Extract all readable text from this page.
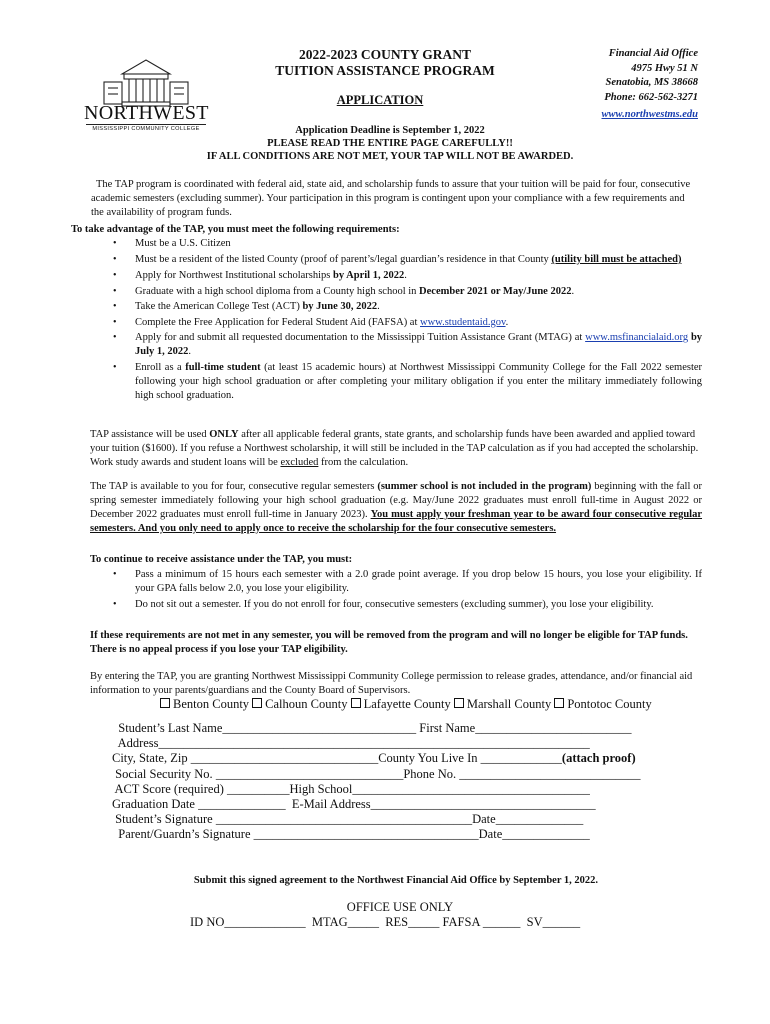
NORTHWEST
MISSISSIPPI COMMUNITY COLLEGE
2022-2023 COUNTY GRANT
TUITION ASSISTANCE PROGRAM
APPLICATION
Financial Aid Office
4975 Hwy 51 N
Senatobia, MS 38668
Phone: 662-562-3271
www.northwestms.edu
Application Deadline is September 1, 2022
PLEASE READ THE ENTIRE PAGE CAREFULLY!!
IF ALL CONDITIONS ARE NOT MET, YOUR TAP WILL NOT BE AWARDED.
The TAP program is coordinated with federal aid, state aid, and scholarship funds to assure that your tuition will be paid for four, consecutive academic semesters (excluding summer). Your participation in this program is contingent upon your compliance with a few requirements and the availability of program funds.
To take advantage of the TAP, you must meet the following requirements:
• Must be a U.S. Citizen
• Must be a resident of the listed County (proof of parent’s/legal guardian’s residence in that County (utility bill must be attached)
• Apply for Northwest Institutional scholarships by April 1, 2022.
• Graduate with a high school diploma from a County high school in December 2021 or May/June 2022.
• Take the American College Test (ACT) by June 30, 2022.
• Complete the Free Application for Federal Student Aid (FAFSA) at www.studentaid.gov.
• Apply for and submit all requested documentation to the Mississippi Tuition Assistance Grant (MTAG) at www.msfinancialaid.org by July 1, 2022.
• Enroll as a full-time student (at least 15 academic hours) at Northwest Mississippi Community College for the Fall 2022 semester following your high school graduation or after completing your military obligation if you enter the military immediately following high school graduation.
TAP assistance will be used ONLY after all applicable federal grants, state grants, and scholarship funds have been awarded and applied toward your tuition ($1600). If you refuse a Northwest scholarship, it will still be included in the TAP calculation as if you had accepted the scholarship. Work study awards and student loans will be excluded from the calculation.
The TAP is available to you for four, consecutive regular semesters (summer school is not included in the program) beginning with the fall or spring semester immediately following your high school graduation (e.g. May/June 2022 graduates must enroll full-time in August 2022 or December 2022 graduates must enroll full-time in January 2023). You must apply your freshman year to be award four consecutive regular semesters. And you only need to apply once to receive the scholarship for the four consecutive semesters.
To continue to receive assistance under the TAP, you must:
• Pass a minimum of 15 hours each semester with a 2.0 grade point average. If you drop below 15 hours, you lose your eligibility. If your GPA falls below 2.0, you lose your eligibility.
• Do not sit out a semester. If you do not enroll for four, consecutive semesters (excluding summer), you lose your eligibility.
If these requirements are not met in any semester, you will be removed from the program and will no longer be eligible for TAP funds. There is no appeal process if you lose your TAP eligibility.
By entering the TAP, you are granting Northwest Mississippi Community College permission to release grades, attendance, and/or financial aid information to your parents/guardians and the County Board of Supervisors.
Benton County Calhoun County Lafayette County Marshall County Pontotoc County
Student’s Last Name_______________________________ First Name_________________________
Address_____________________________________________________________________
City, State, Zip ______________________________County You Live In _____________(attach proof)
Social Security No. ______________________________Phone No. _____________________________
ACT Score (required) __________High School______________________________________
Graduation Date ______________ E-Mail Address____________________________________
Student’s Signature _________________________________________Date______________
Parent/Guardn’s Signature ____________________________________Date______________
Submit this signed agreement to the Northwest Financial Aid Office by September 1, 2022.
OFFICE USE ONLY
ID NO_____________ MTAG_____ RES_____ FAFSA ______ SV______
